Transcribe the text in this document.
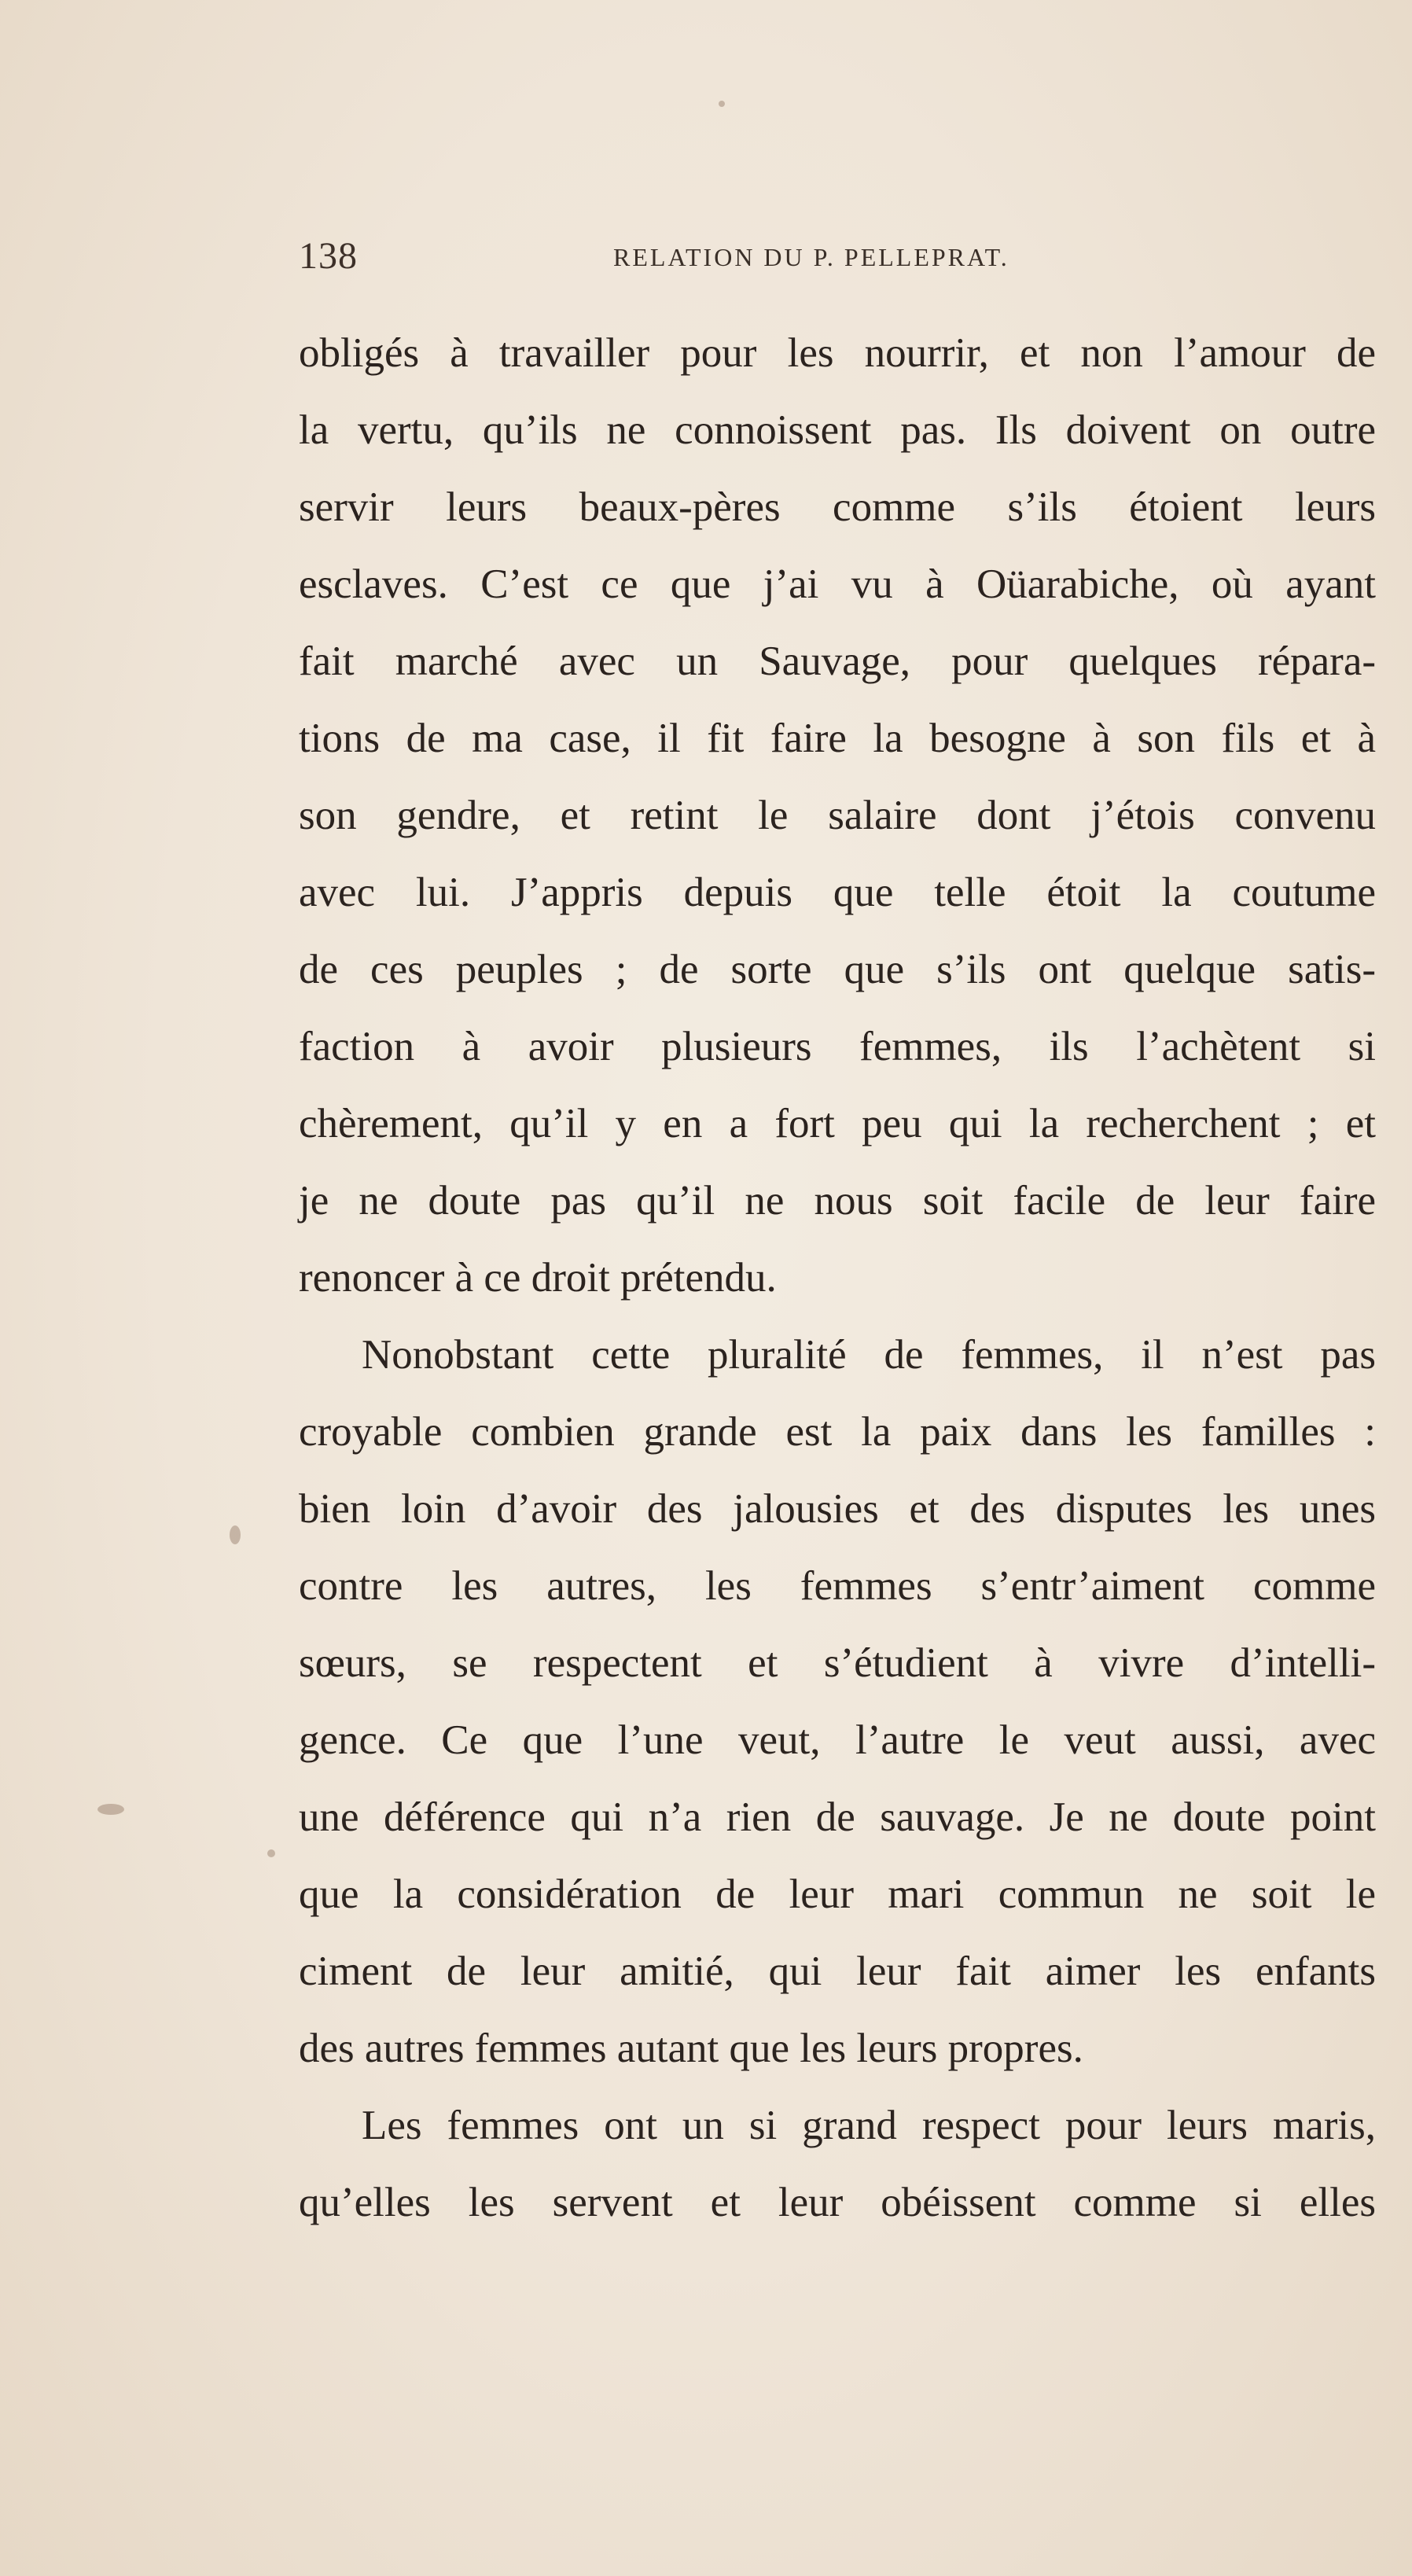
138	RELATION DU P. PELLEPRAT.
obligés à travailler pour les nourrir, et non l’amour de
la vertu, qu’ils ne connoissent pas. Ils doivent on outre
servir leurs beaux-pères comme s’ils étoient leurs
esclaves. C’est ce que j’ai vu à Oüarabiche, où ayant
fait marché avec un Sauvage, pour quelques répara-
tions de ma case, il fit faire la besogne à son fils et à
son gendre, et retint le salaire dont j’étois convenu
avec lui. J’appris depuis que telle étoit la coutume
de ces peuples ; de sorte que s’ils ont quelque satis-
faction à avoir plusieurs femmes, ils l’achètent si
chèrement, qu’il y en a fort peu qui la recherchent ; et
je ne doute pas qu’il ne nous soit facile de leur faire
renoncer à ce droit prétendu.
Nonobstant cette pluralité de femmes, il n’est pas
croyable combien grande est la paix dans les familles :
bien loin d’avoir des jalousies et des disputes les unes
contre les autres, les femmes s’entr’aiment comme
sœurs, se respectent et s’étudient à vivre d’intelli-
gence. Ce que l’une veut, l’autre le veut aussi, avec
une déférence qui n’a rien de sauvage. Je ne doute point
que la considération de leur mari commun ne soit le
ciment de leur amitié, qui leur fait aimer les enfants
des autres femmes autant que les leurs propres.
Les femmes ont un si grand respect pour leurs maris,
qu’elles les servent et leur obéissent comme si elles
